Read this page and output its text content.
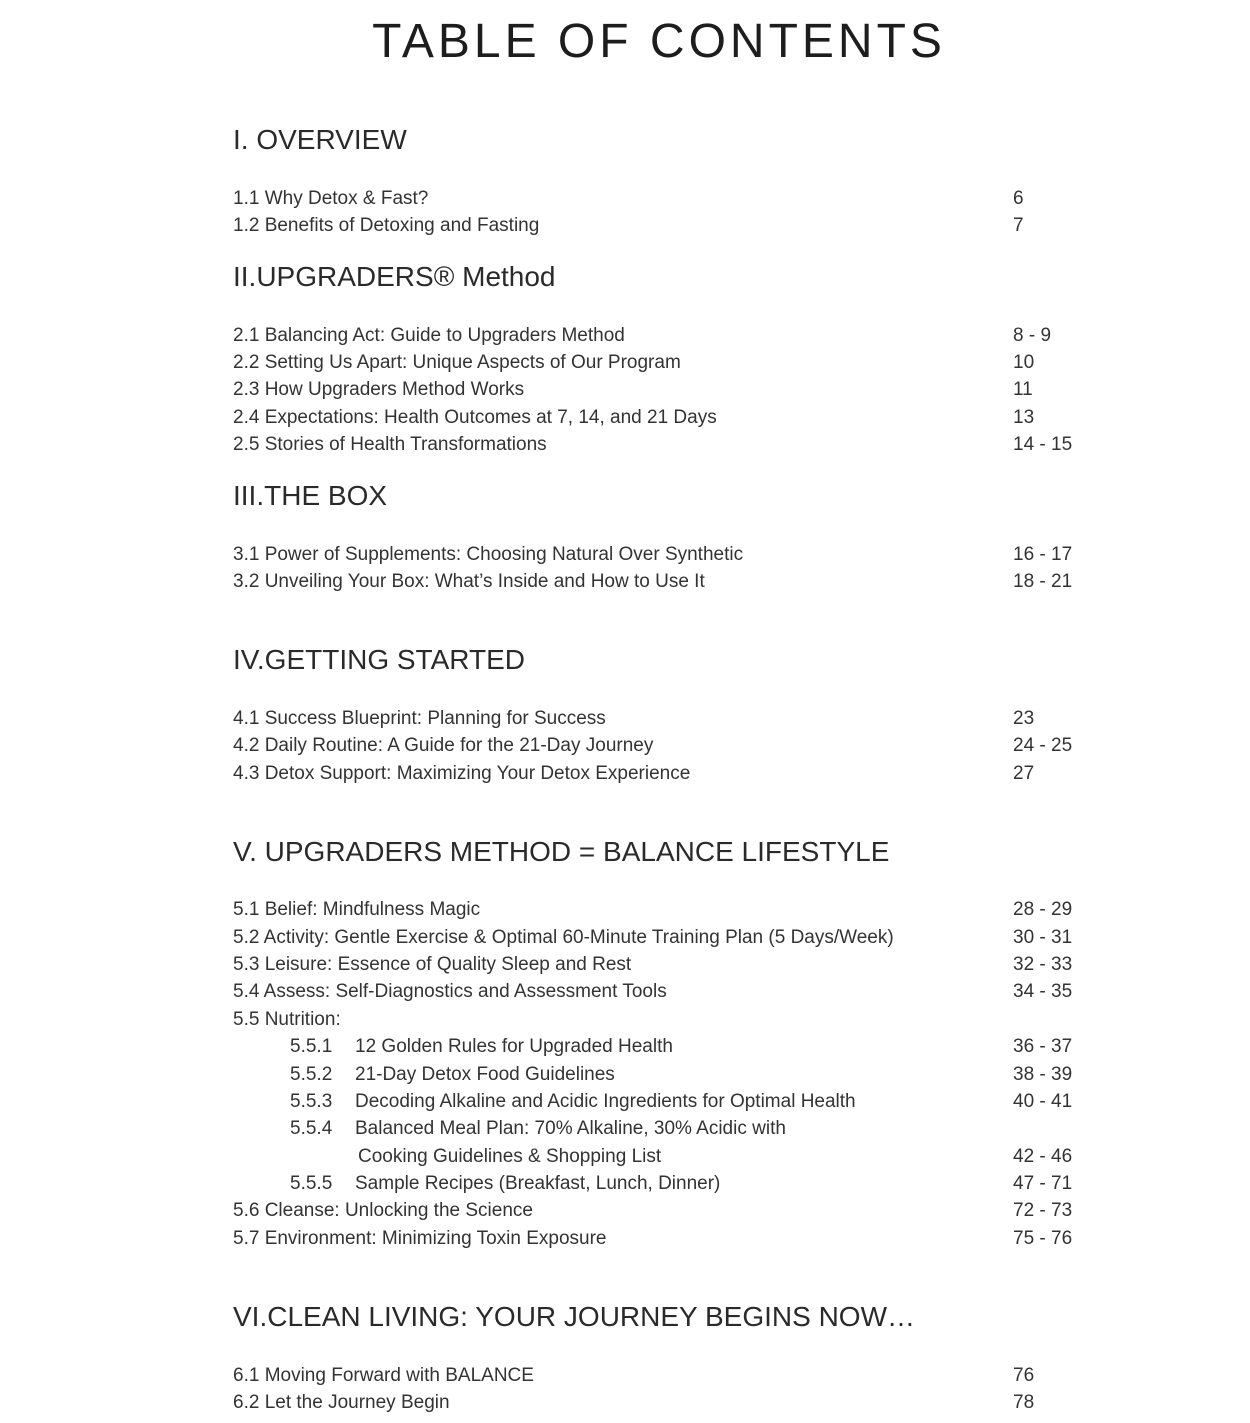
TABLE OF CONTENTS
I. OVERVIEW
1.1 Why Detox & Fast?	6
1.2 Benefits of Detoxing and Fasting	7
II.UPGRADERS® Method
2.1 Balancing Act: Guide to Upgraders Method	8 - 9
2.2 Setting Us Apart: Unique Aspects of Our Program	10
2.3 How Upgraders Method Works	11
2.4 Expectations: Health Outcomes at 7, 14, and 21 Days	13
2.5 Stories of Health Transformations	14 - 15
III.THE BOX
3.1 Power of Supplements: Choosing Natural Over Synthetic	16 - 17
3.2 Unveiling Your Box: What’s Inside and How to Use It	18 - 21
IV.GETTING STARTED
4.1 Success Blueprint: Planning for Success	23
4.2 Daily Routine: A Guide for the 21-Day Journey	24 - 25
4.3 Detox Support: Maximizing Your Detox Experience	27
V. UPGRADERS METHOD = BALANCE LIFESTYLE
5.1 Belief: Mindfulness Magic	28 - 29
5.2 Activity: Gentle Exercise & Optimal 60-Minute Training Plan (5 Days/Week)	30 - 31
5.3 Leisure: Essence of Quality Sleep and Rest	32 - 33
5.4 Assess: Self-Diagnostics and Assessment Tools	34 - 35
5.5 Nutrition:
5.5.1 12 Golden Rules for Upgraded Health	36 - 37
5.5.2 21-Day Detox Food Guidelines	38 - 39
5.5.3 Decoding Alkaline and Acidic Ingredients for Optimal Health	40 - 41
5.5.4 Balanced Meal Plan: 70% Alkaline, 30% Acidic with
Cooking Guidelines & Shopping List	42 - 46
5.5.5 Sample Recipes (Breakfast, Lunch, Dinner)	47 - 71
5.6 Cleanse: Unlocking the Science	72 - 73
5.7 Environment: Minimizing Toxin Exposure	75 - 76
VI.CLEAN LIVING: YOUR JOURNEY BEGINS NOW…
6.1 Moving Forward with BALANCE	76
6.2 Let the Journey Begin	78
